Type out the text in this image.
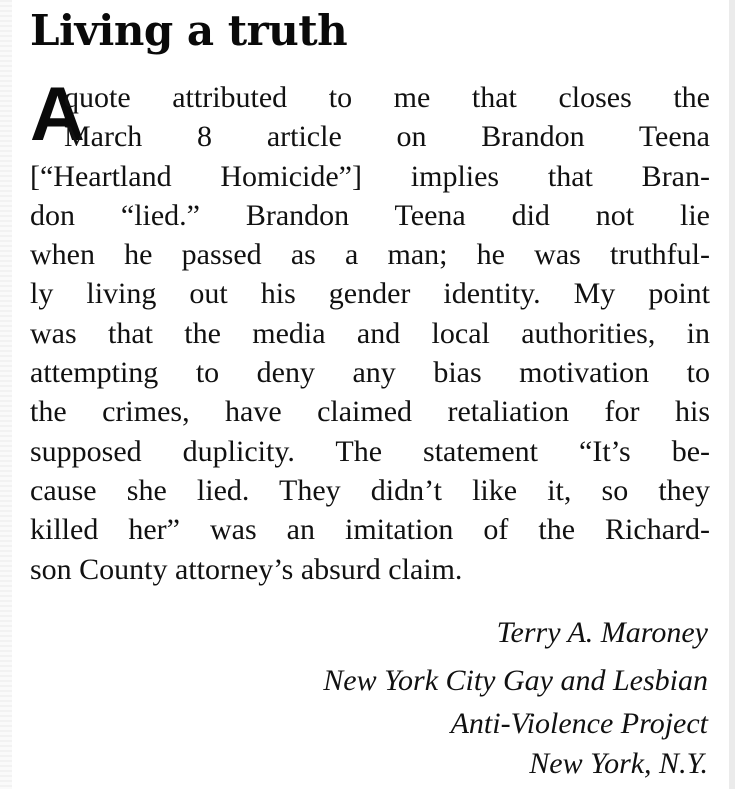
Living a truth
A
quote attributed to me that closes the
March 8 article on Brandon Teena
[“Heartland Homicide”] implies that Bran-
don “lied.” Brandon Teena did not lie
when he passed as a man; he was truthful-
ly living out his gender identity. My point
was that the media and local authorities, in
attempting to deny any bias motivation to
the crimes, have claimed retaliation for his
supposed duplicity. The statement “It’s be-
cause she lied. They didn’t like it, so they
killed her” was an imitation of the Richard-
son County attorney’s absurd claim.

Terry A. Maroney

New York City Gay and Lesbian

Anti-Violence Project

New York, N.Y.
